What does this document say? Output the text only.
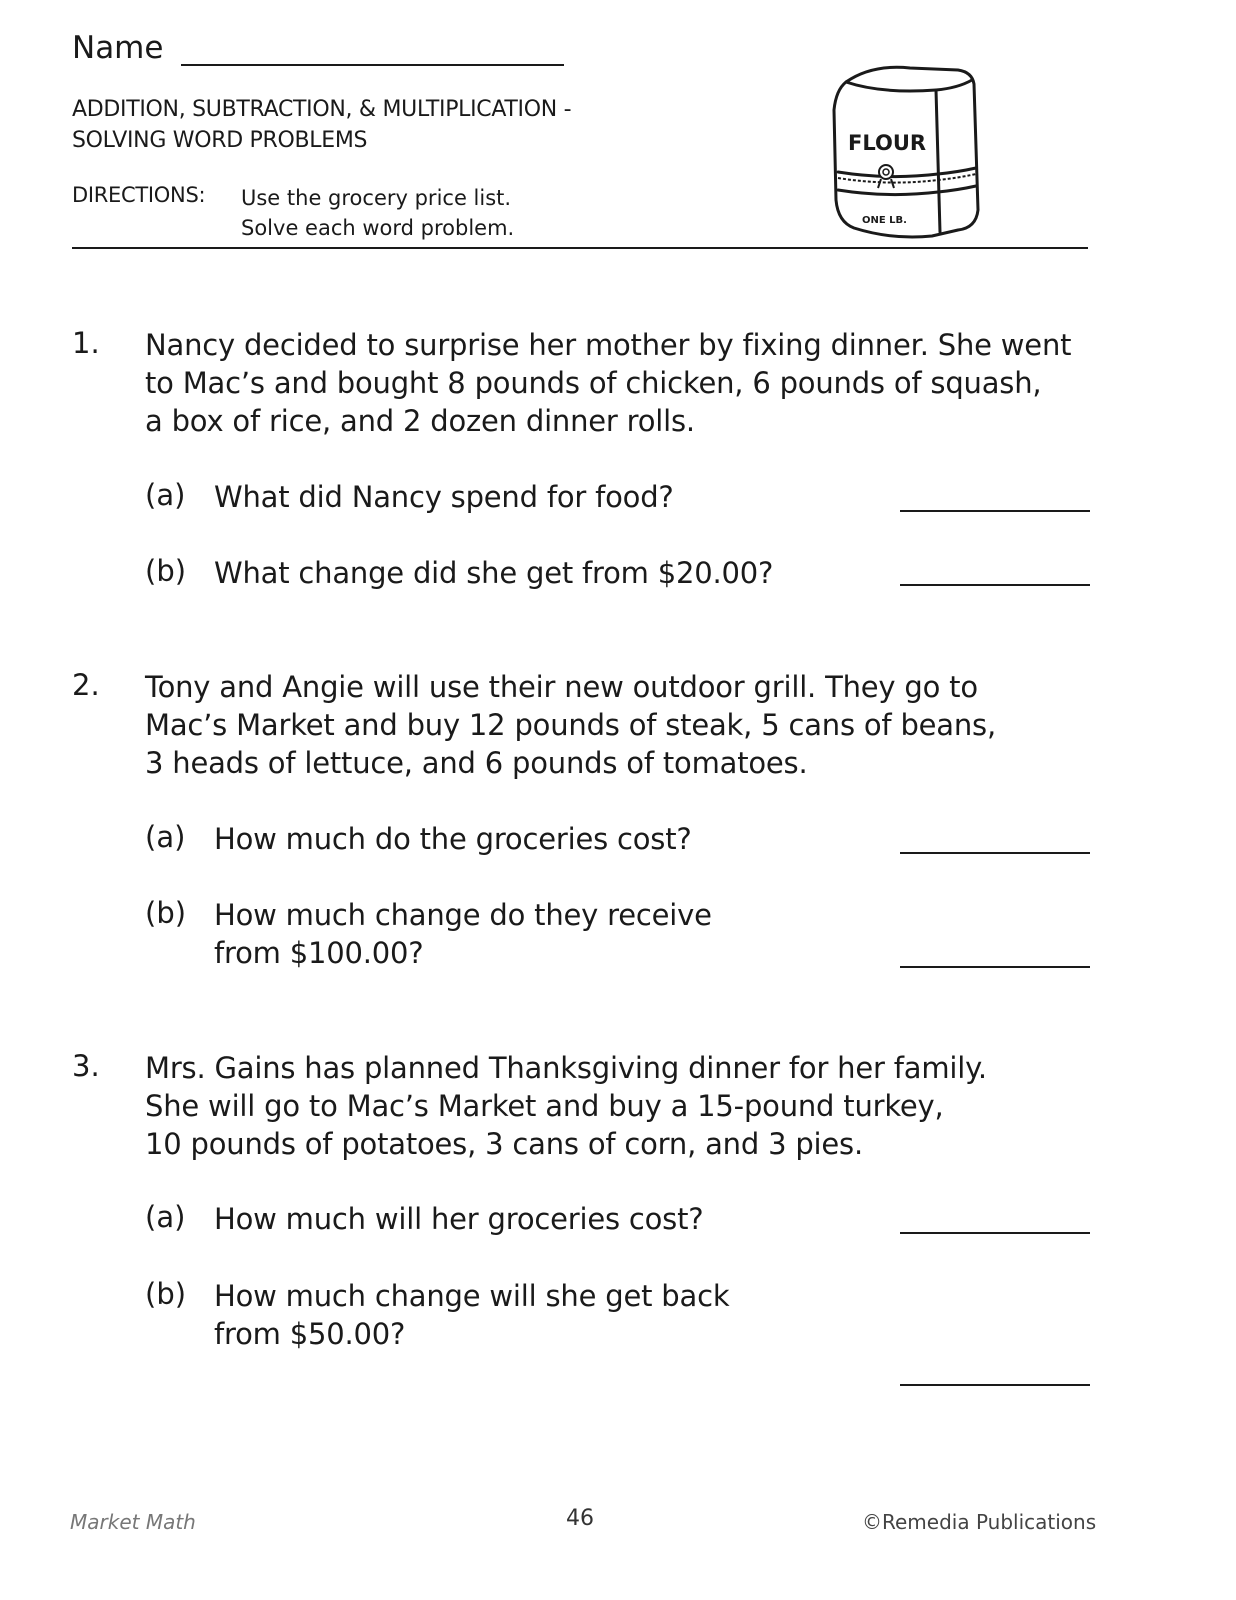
Name
ADDITION, SUBTRACTION, & MULTIPLICATION -
SOLVING WORD PROBLEMS
DIRECTIONS: Use the grocery price list.
Solve each word problem.
FLOUR
ONE LB.
1. Nancy decided to surprise her mother by fixing dinner. She went
to Mac’s and bought 8 pounds of chicken, 6 pounds of squash,
a box of rice, and 2 dozen dinner rolls.
(a) What did Nancy spend for food?
(b) What change did she get from $20.00?
2. Tony and Angie will use their new outdoor grill. They go to
Mac’s Market and buy 12 pounds of steak, 5 cans of beans,
3 heads of lettuce, and 6 pounds of tomatoes.
(a) How much do the groceries cost?
(b) How much change do they receive
from $100.00?
3. Mrs. Gains has planned Thanksgiving dinner for her family.
She will go to Mac’s Market and buy a 15-pound turkey,
10 pounds of potatoes, 3 cans of corn, and 3 pies.
(a) How much will her groceries cost?
(b) How much change will she get back
from $50.00?
Market Math	46	©Remedia Publications
